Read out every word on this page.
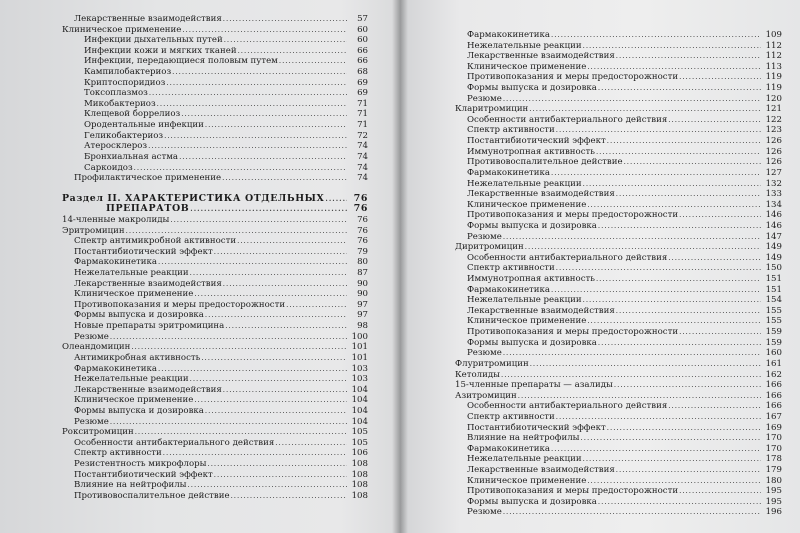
Лекарственные взаимодействия .....	57
Клиническое применение .....	60
Инфекции дыхательных путей .....	60
Инфекции кожи и мягких тканей .....	66
Инфекции, передающиеся половым путем .....	66
Кампилобактериоз .....	68
Криптоспоридиоз .....	69
Токсоплазмоз .....	69
Микобактериоз .....	71
Клещевой боррелиоз .....	71
Ородентальные инфекции .....	71
Геликобактериоз .....	72
Атеросклероз .....	74
Бронхиальная астма .....	74
Саркоидоз .....	74
Профилактическое применение .....	74
Раздел II. ХАРАКТЕРИСТИКА ОТДЕЛЬНЫХ .....	76
ПРЕПАРАТОВ .....	76
14-членные макролиды .....	76
Эритромицин .....	76
Спектр антимикробной активности .....	76
Постантибиотический эффект .....	79
Фармакокинетика .....	80
Нежелательные реакции .....	87
Лекарственные взаимодействия .....	90
Клиническое применение .....	90
Противопоказания и меры предосторожности .....	97
Формы выпуска и дозировка .....	97
Новые препараты эритромицина .....	98
Резюме .....	100
Олеандомицин .....	101
Антимикробная активность .....	101
Фармакокинетика .....	103
Нежелательные реакции .....	103
Лекарственные взаимодействия .....	104
Клиническое применение .....	104
Формы выпуска и дозировка .....	104
Резюме .....	104
Рокситромицин .....	105
Особенности антибактериального действия .....	105
Спектр активности .....	106
Резистентность микрофлоры .....	108
Постантибиотический эффект .....	108
Влияние на нейтрофилы .....	108
Противовоспалительное действие .....	108
Фармакокинетика .....	109
Нежелательные реакции .....	112
Лекарственные взаимодействия .....	112
Клиническое применение .....	113
Противопоказания и меры предосторожности .....	119
Формы выпуска и дозировка .....	119
Резюме .....	120
Кларитромицин .....	121
Особенности антибактериального действия .....	122
Спектр активности .....	123
Постантибиотический эффект .....	126
Иммунотропная активность .....	126
Противовоспалительное действие .....	126
Фармакокинетика .....	127
Нежелательные реакции .....	132
Лекарственные взаимодействия .....	133
Клиническое применение .....	134
Противопоказания и меры предосторожности .....	146
Формы выпуска и дозировка .....	146
Резюме .....	147
Диритромицин .....	149
Особенности антибактериального действия .....	149
Спектр активности .....	150
Иммунотропная активность .....	151
Фармакокинетика .....	151
Нежелательные реакции .....	154
Лекарственные взаимодействия .....	155
Клиническое применение .....	155
Противопоказания и меры предосторожности .....	159
Формы выпуска и дозировка .....	159
Резюме .....	160
Флуритромицин .....	161
Кетолиды .....	162
15-членные препараты — азалиды .....	166
Азитромицин .....	166
Особенности антибактериального действия .....	166
Спектр активности .....	167
Постантибиотический эффект .....	169
Влияние на нейтрофилы .....	170
Фармакокинетика .....	170
Нежелательные реакции .....	178
Лекарственные взаимодействия .....	179
Клиническое применение .....	180
Противопоказания и меры предосторожности .....	195
Формы выпуска и дозировка .....	195
Резюме .....	196
